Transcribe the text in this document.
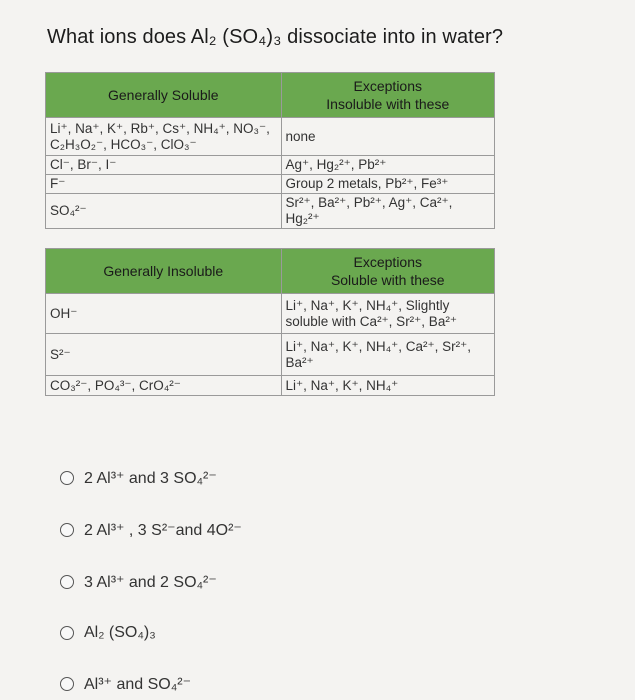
What ions does Al₂ (SO₄)₃ dissociate into in water?
Generally Soluble	Exceptions
Insoluble with these

Li⁺, Na⁺, K⁺, Rb⁺, Cs⁺, NH₄⁺, NO₃⁻, C₂H₃O₂⁻, HCO₃⁻, ClO₃⁻	none
Cl⁻, Br⁻, I⁻	Ag⁺, Hg₂²⁺, Pb²⁺
F⁻	Group 2 metals, Pb²⁺, Fe³⁺
SO₄²⁻	Sr²⁺, Ba²⁺, Pb²⁺, Ag⁺, Ca²⁺, Hg₂²⁺
Generally Insoluble	Exceptions
Soluble with these

OH⁻	Li⁺, Na⁺, K⁺, NH₄⁺, Slightly soluble with Ca²⁺, Sr²⁺, Ba²⁺
S²⁻	Li⁺, Na⁺, K⁺, NH₄⁺, Ca²⁺, Sr²⁺, Ba²⁺
CO₃²⁻, PO₄³⁻, CrO₄²⁻	Li⁺, Na⁺, K⁺, NH₄⁺
2 Al³⁺ and 3 SO₄²⁻
2 Al³⁺ , 3 S²⁻and 4O²⁻
3 Al³⁺ and 2 SO₄²⁻
Al₂ (SO₄)₃
Al³⁺ and SO₄²⁻
